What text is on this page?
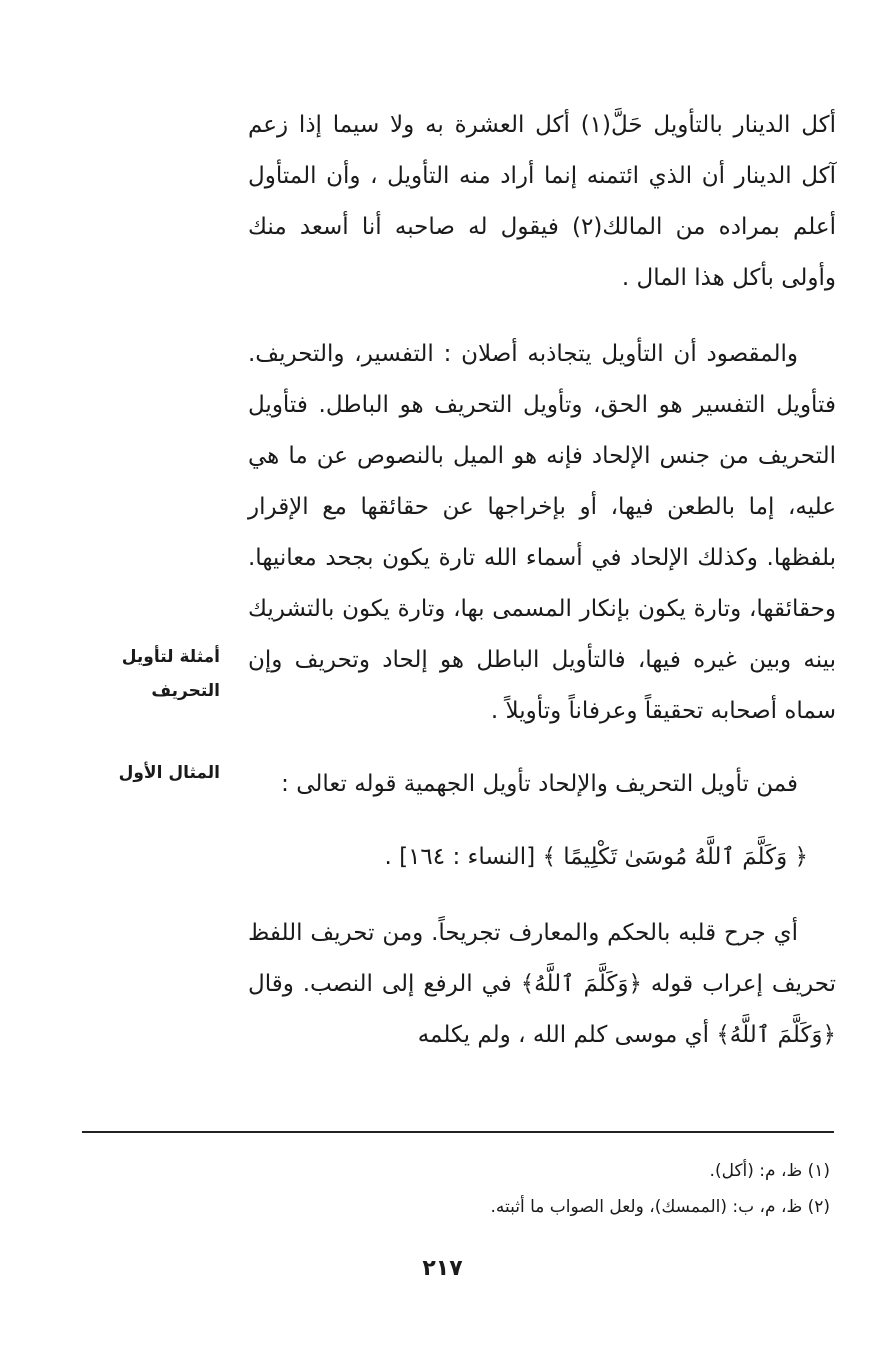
أكل الدينار بالتأويل حَلَّ(١) أكل العشرة به ولا سيما إذا زعم آكل الدينار أن الذي ائتمنه إنما أراد منه التأويل ، وأن المتأول أعلم بمراده من المالك(٢) فيقول له صاحبه أنا أسعد منك وأولى بأكل هذا المال .

والمقصود أن التأويل يتجاذبه أصلان : التفسير، والتحريف. فتأويل التفسير هو الحق، وتأويل التحريف هو الباطل. فتأويل التحريف من جنس الإلحاد فإنه هو الميل بالنصوص عن ما هي عليه، إما بالطعن فيها، أو بإخراجها عن حقائقها مع الإقرار بلفظها. وكذلك الإلحاد في أسماء الله تارة يكون بجحد معانيها. وحقائقها، وتارة يكون بإنكار المسمى بها، وتارة يكون بالتشريك بينه وبين غيره فيها، فالتأويل الباطل هو إلحاد وتحريف وإن سماه أصحابه تحقيقاً وعرفاناً وتأويلاً .

فمن تأويل التحريف والإلحاد تأويل الجهمية قوله تعالى :

﴿ وَكَلَّمَ ٱللَّهُ مُوسَىٰ تَكْلِيمًا ﴾ [النساء : ١٦٤] .

أي جرح قلبه بالحكم والمعارف تجريحاً. ومن تحريف اللفظ تحريف إعراب قوله ﴿وَكَلَّمَ ٱللَّهُ﴾ في الرفع إلى النصب. وقال ﴿وَكَلَّمَ ٱللَّهُ﴾ أي موسى كلم الله ، ولم يكلمه

أمثلة لتأويل التحريف
المثال الأول

(١) ظ، م: (أكل).

(٢) ظ، م، ب: (الممسك)، ولعل الصواب ما أثبته.

٢١٧
